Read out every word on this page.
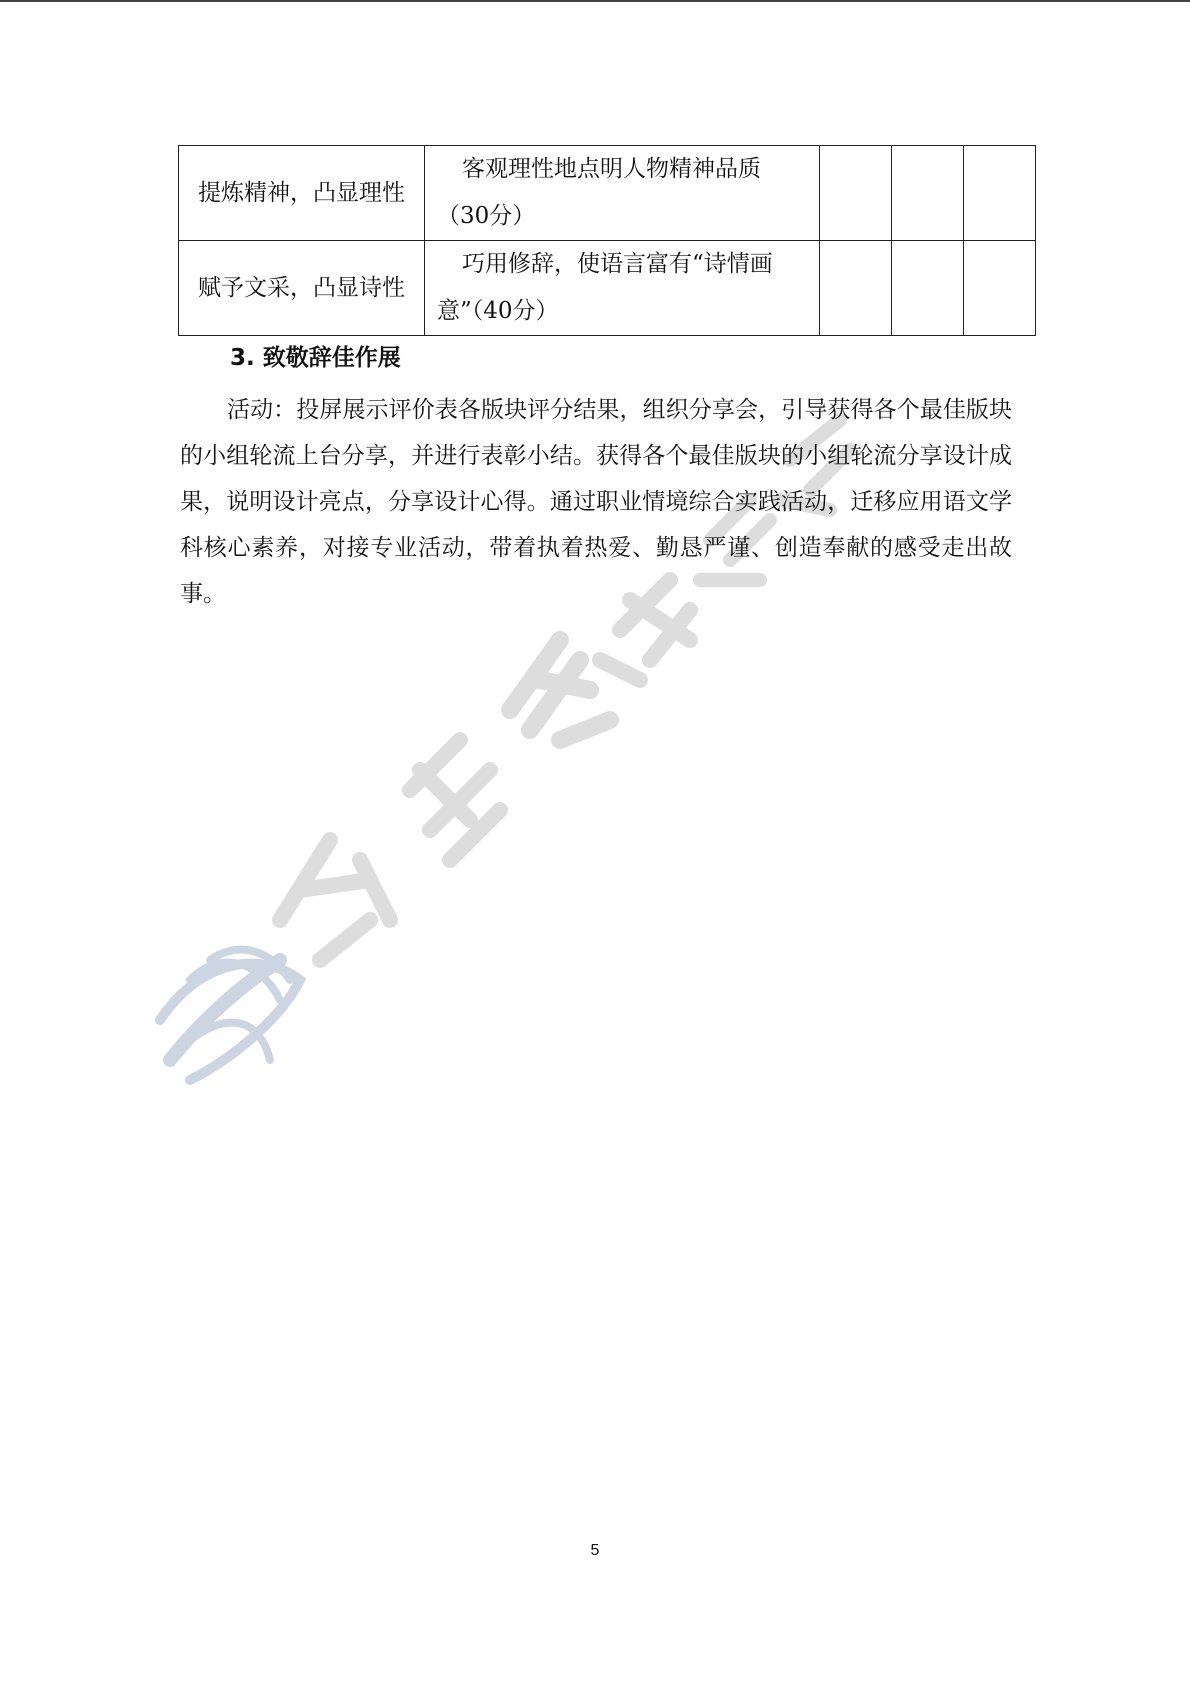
提炼精神，凸显理性	客观理性地点明人物精神品质（30分）			
赋予文采，凸显诗性	巧用修辞，使语言富有“诗情画意”（40分）			
3. 致敬辞佳作展

活动：投屏展示评价表各版块评分结果，组织分享会，引导获得各个最佳版块的小组轮流上台分享，并进行表彰小结。获得各个最佳版块的小组轮流分享设计成果，说明设计亮点，分享设计心得。通过职业情境综合实践活动，迁移应用语文学科核心素养，对接专业活动，带着执着热爱、勤恳严谨、创造奉献的感受走出故事。

5
